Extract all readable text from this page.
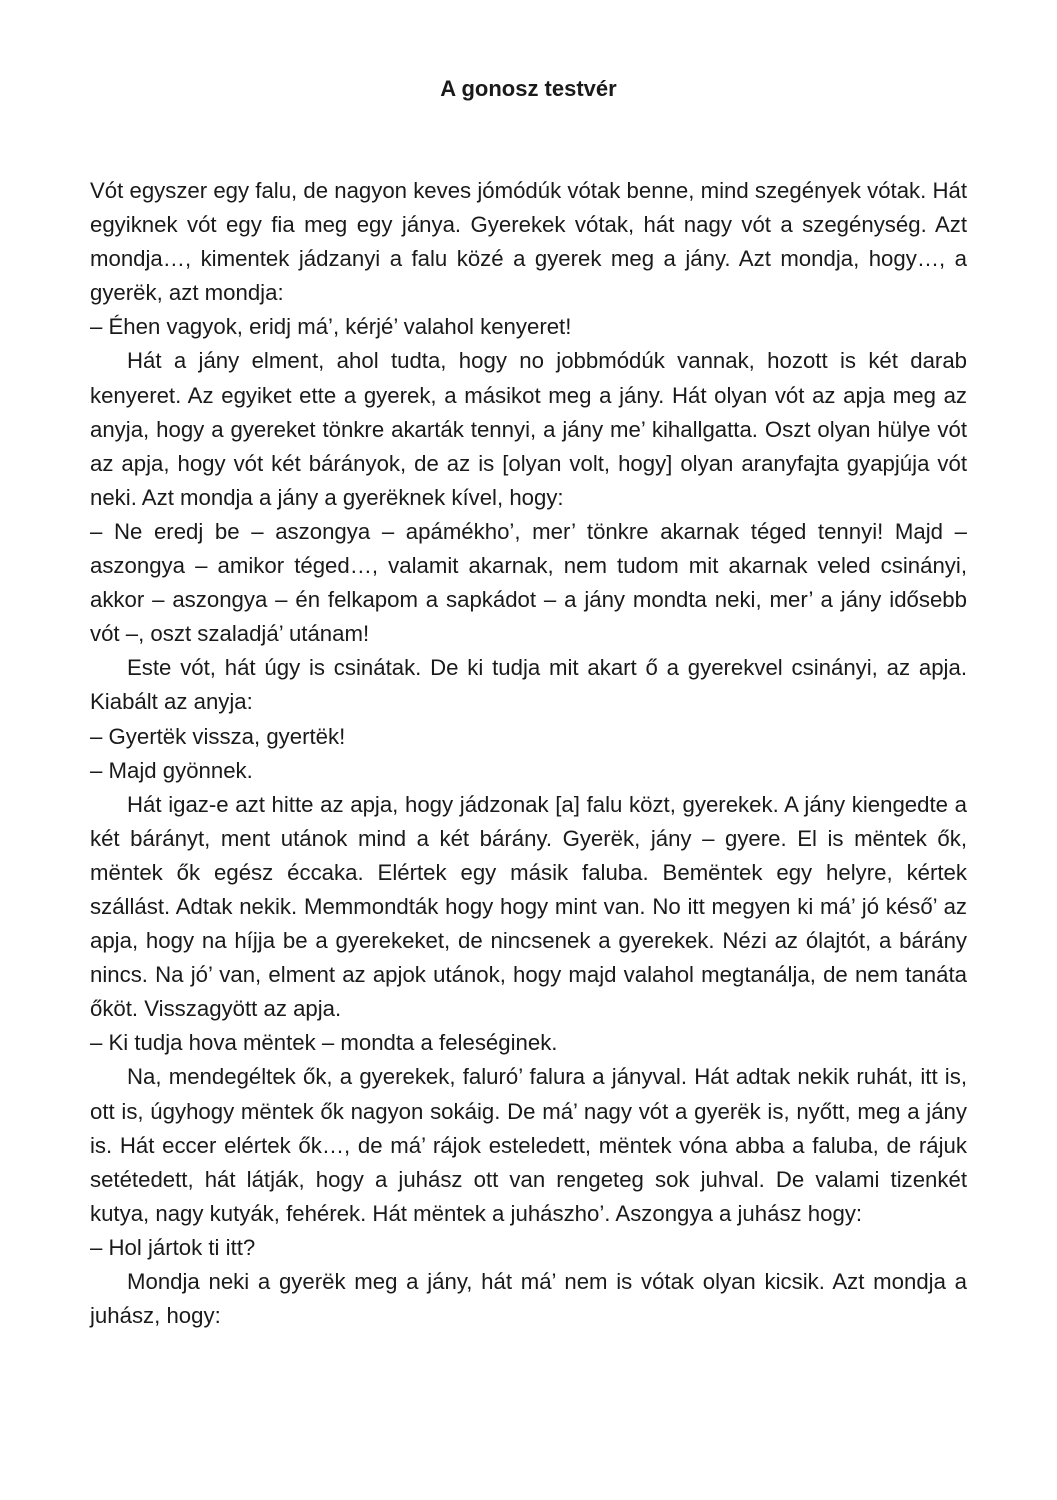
A gonosz testvér

Vót egyszer egy falu, de nagyon keves jómódúk vótak benne, mind szegények vótak. Hát egyiknek vót egy fia meg egy jánya. Gyerekek vótak, hát nagy vót a szegénység. Azt mondja…, kimentek jádzanyi a falu közé a gyerek meg a jány. Azt mondja, hogy…, a gyerëk, azt mondja:

– Éhen vagyok, eridj má’, kérjé’ valahol kenyeret!

Hát a jány elment, ahol tudta, hogy no jobbmódúk vannak, hozott is két darab kenyeret. Az egyiket ette a gyerek, a másikot meg a jány. Hát olyan vót az apja meg az anyja, hogy a gyereket tönkre akarták tennyi, a jány me’ kihallgatta. Oszt olyan hülye vót az apja, hogy vót két bárányok, de az is [olyan volt, hogy] olyan aranyfajta gyapjúja vót neki. Azt mondja a jány a gyerëknek kível, hogy:

– Ne eredj be – aszongya – apámékho’, mer’ tönkre akarnak téged tennyi! Majd – aszongya – amikor téged…, valamit akarnak, nem tudom mit akarnak veled csinányi, akkor – aszongya – én felkapom a sapkádot – a jány mondta neki, mer’ a jány idősebb vót –, oszt szaladjá’ utánam!

Este vót, hát úgy is csinátak. De ki tudja mit akart ő a gyerekvel csinányi, az apja. Kiabált az anyja:

– Gyertëk vissza, gyertëk!

– Majd gyönnek.

Hát igaz-e azt hitte az apja, hogy jádzonak [a] falu közt, gyerekek. A jány kiengedte a két bárányt, ment utánok mind a két bárány. Gyerëk, jány – gyere. El is mëntek ők, mëntek ők egész éccaka. Elértek egy másik faluba. Bemëntek egy helyre, kértek szállást. Adtak nekik. Memmondták hogy hogy mint van. No itt megyen ki má’ jó késő’ az apja, hogy na híjja be a gyerekeket, de nincsenek a gyerekek. Nézi az ólajtót, a bárány nincs. Na jó’ van, elment az apjok utánok, hogy majd valahol megtanálja, de nem tanáta őköt. Visszagyött az apja.

– Ki tudja hova mëntek – mondta a feleséginek.

Na, mendegéltek ők, a gyerekek, faluró’ falura a jányval. Hát adtak nekik ruhát, itt is, ott is, úgyhogy mëntek ők nagyon sokáig. De má’ nagy vót a gyerëk is, nyőtt, meg a jány is. Hát eccer elértek ők…, de má’ rájok esteledett, mëntek vóna abba a faluba, de rájuk setétedett, hát látják, hogy a juhász ott van rengeteg sok juhval. De valami tizenkét kutya, nagy kutyák, fehérek. Hát mëntek a juhászho’. Aszongya a juhász hogy:

– Hol jártok ti itt?

Mondja neki a gyerëk meg a jány, hát má’ nem is vótak olyan kicsik. Azt mondja a juhász, hogy:
